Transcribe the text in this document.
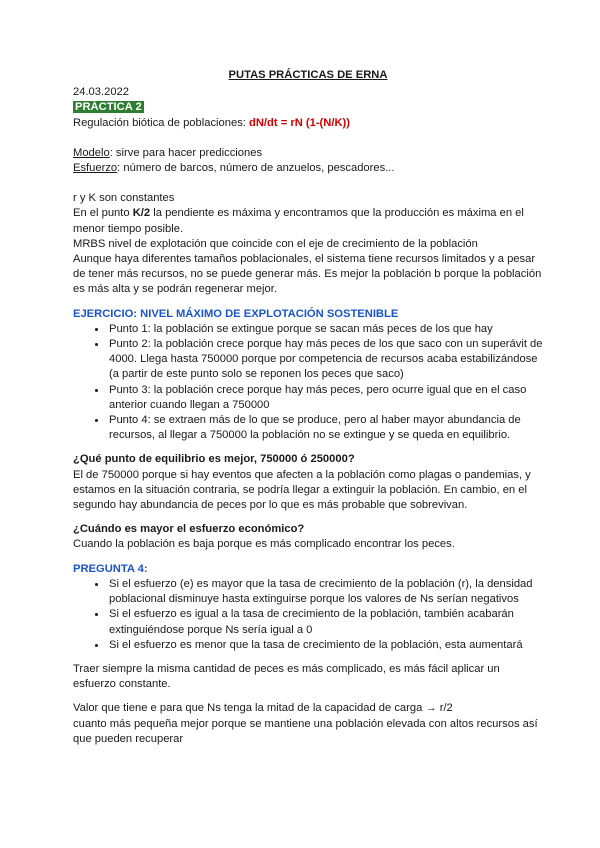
PUTAS PRÁCTICAS DE ERNA
24.03.2022
PRÁCTICA 2
Regulación biótica de poblaciones: dN/dt = rN (1-(N/K))
Modelo: sirve para hacer predicciones
Esfuerzo: número de barcos, número de anzuelos, pescadores...
r y K son constantes

En el punto K/2 la pendiente es máxima y encontramos que la producción es máxima en el menor tiempo posible.

MRBS nivel de explotación que coincide con el eje de crecimiento de la población

Aunque haya diferentes tamaños poblacionales, el sistema tiene recursos limitados y a pesar de tener más recursos, no se puede generar más. Es mejor la población b porque la población es más alta y se podrán regenerar mejor.

EJERCICIO: NIVEL MÁXIMO DE EXPLOTACIÓN SOSTENIBLE
• Punto 1: la población se extingue porque se sacan más peces de los que hay
• Punto 2: la población crece porque hay más peces de los que saco con un superávit de 4000. Llega hasta 750000 porque por competencia de recursos acaba estabilizándose (a partir de este punto solo se reponen los peces que saco)
• Punto 3: la población crece porque hay más peces, pero ocurre igual que en el caso anterior cuando llegan a 750000
• Punto 4: se extraen más de lo que se produce, pero al haber mayor abundancia de recursos, al llegar a 750000 la población no se extingue y se queda en equilibrio.
¿Qué punto de equilibrio es mejor, 750000 ó 250000?

El de 750000 porque si hay eventos que afecten a la población como plagas o pandemias, y estamos en la situación contraria, se podría llegar a extinguir la población. En cambio, en el segundo hay abundancia de peces por lo que es más probable que sobrevivan.

¿Cuándo es mayor el esfuerzo económico?

Cuando la población es baja porque es más complicado encontrar los peces.

PREGUNTA 4:
• Si el esfuerzo (e) es mayor que la tasa de crecimiento de la población (r), la densidad poblacional disminuye hasta extinguirse porque los valores de Ns serían negativos
• Si el esfuerzo es igual a la tasa de crecimiento de la población, también acabarán extinguiéndose porque Ns sería igual a 0
• Si el esfuerzo es menor que la tasa de crecimiento de la población, esta aumentará

Traer siempre la misma cantidad de peces es más complicado, es más fácil aplicar un esfuerzo constante.

Valor que tiene e para que Ns tenga la mitad de la capacidad de carga → r/2

cuanto más pequeña mejor porque se mantiene una población elevada con altos recursos así que pueden recuperar
